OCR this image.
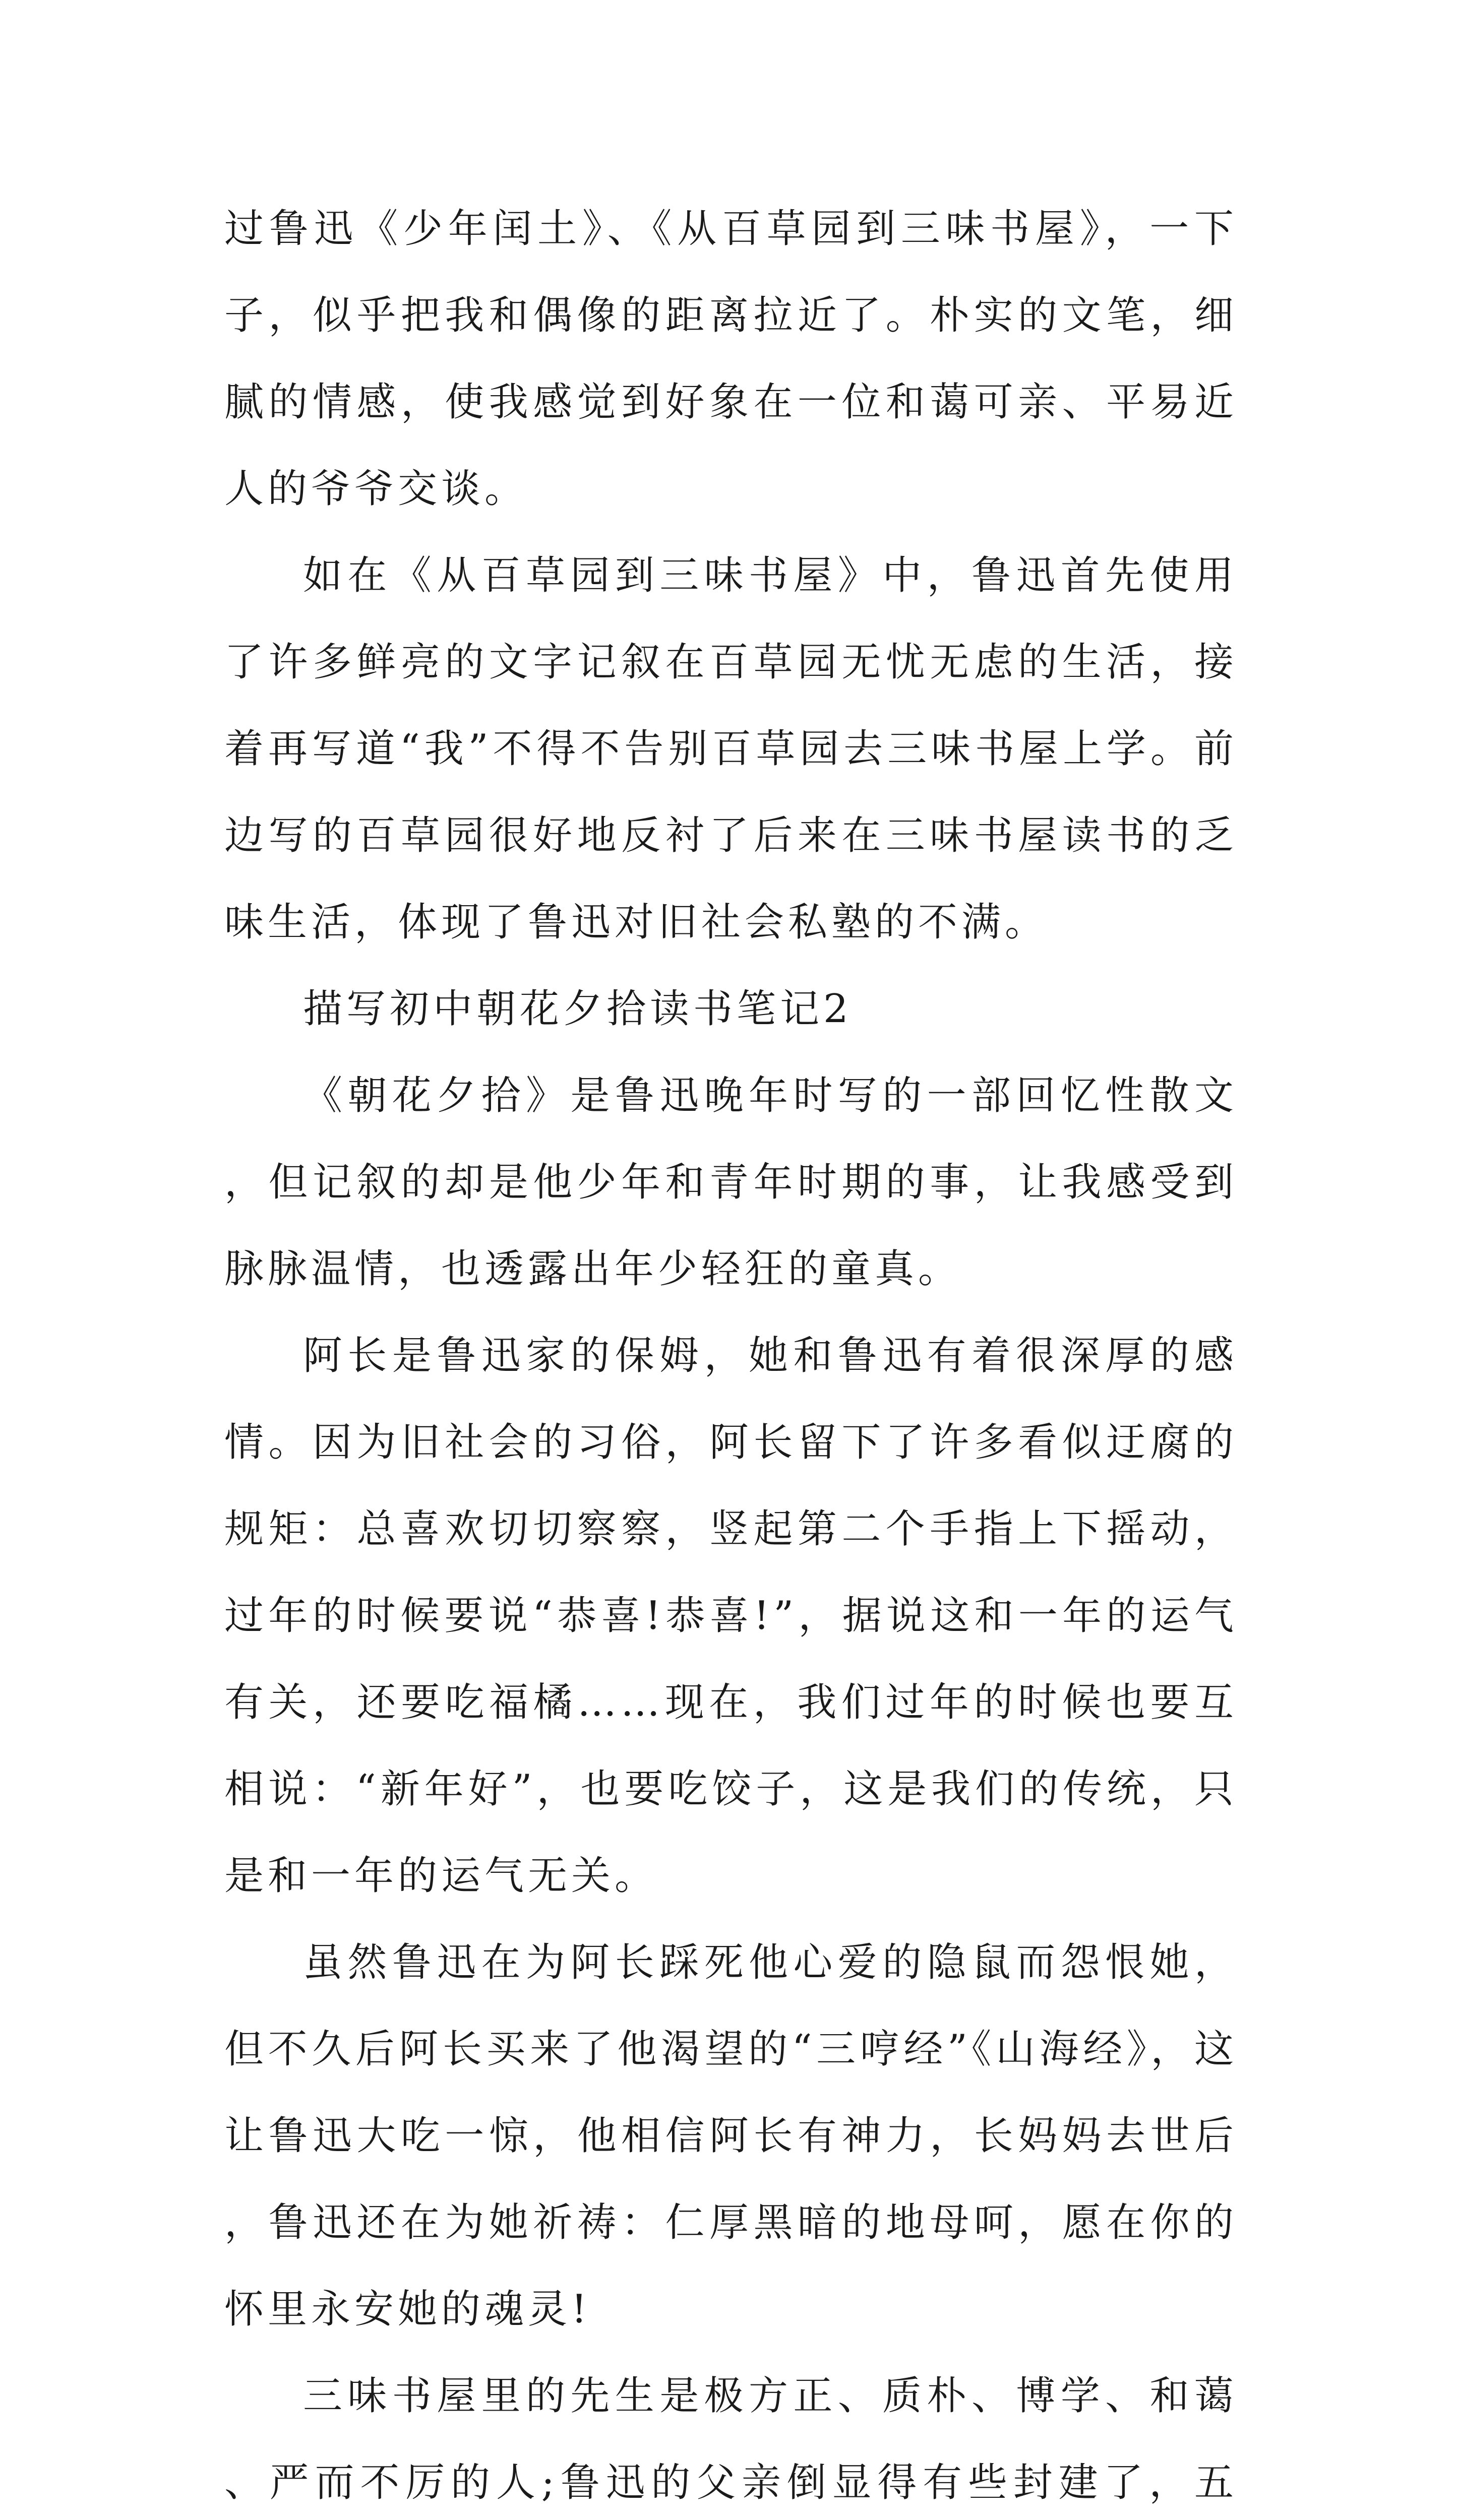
过鲁迅《少年闰土》、《从百草园到三味书屋》，一下子，似乎把我和偶像的距离拉近了。朴实的文笔，细腻的情感，使我感觉到好象在一位和蔼可亲、平易近人的爷爷交谈。

如在《从百草园到三味书屋》中，鲁迅首先使用了许多鲜亮的文字记叙在百草园无忧无虑的生活，接着再写道“我”不得不告别百草园去三味书屋上学。前边写的百草园很好地反衬了后来在三味书屋读书的乏味生活，体现了鲁迅对旧社会私塾的不满。

描写初中朝花夕拾读书笔记2

《朝花夕拾》是鲁迅晚年时写的一部回忆性散文，但记叙的却是他少年和青年时期的事，让我感受到脉脉温情，也透露出年少轻狂的童真。

阿长是鲁迅家的保姆，她和鲁迅有着很深厚的感情。因为旧社会的习俗，阿长留下了许多看似迂腐的规矩：总喜欢切切察察，竖起第二个手指上下摇动，过年的时候要说“恭喜!恭喜!”，据说这和一年的运气有关，还要吃福橘……现在，我们过年的时候也要互相说：“新年好”，也要吃饺子，这是我们的传统，只是和一年的运气无关。

虽然鲁迅在为阿长踩死他心爱的隐鼠而怨恨她，但不久后阿长买来了他渴望的“三哼经”《山海经》，这让鲁迅大吃一惊，他相信阿长有神力，长妈妈去世后，鲁迅还在为她祈祷：仁厚黑暗的地母呵，愿在你的怀里永安她的魂灵!

三味书屋里的先生是极方正、质朴、博学、和蔼、严而不厉的人;鲁迅的父亲倒显得有些封建了，五
